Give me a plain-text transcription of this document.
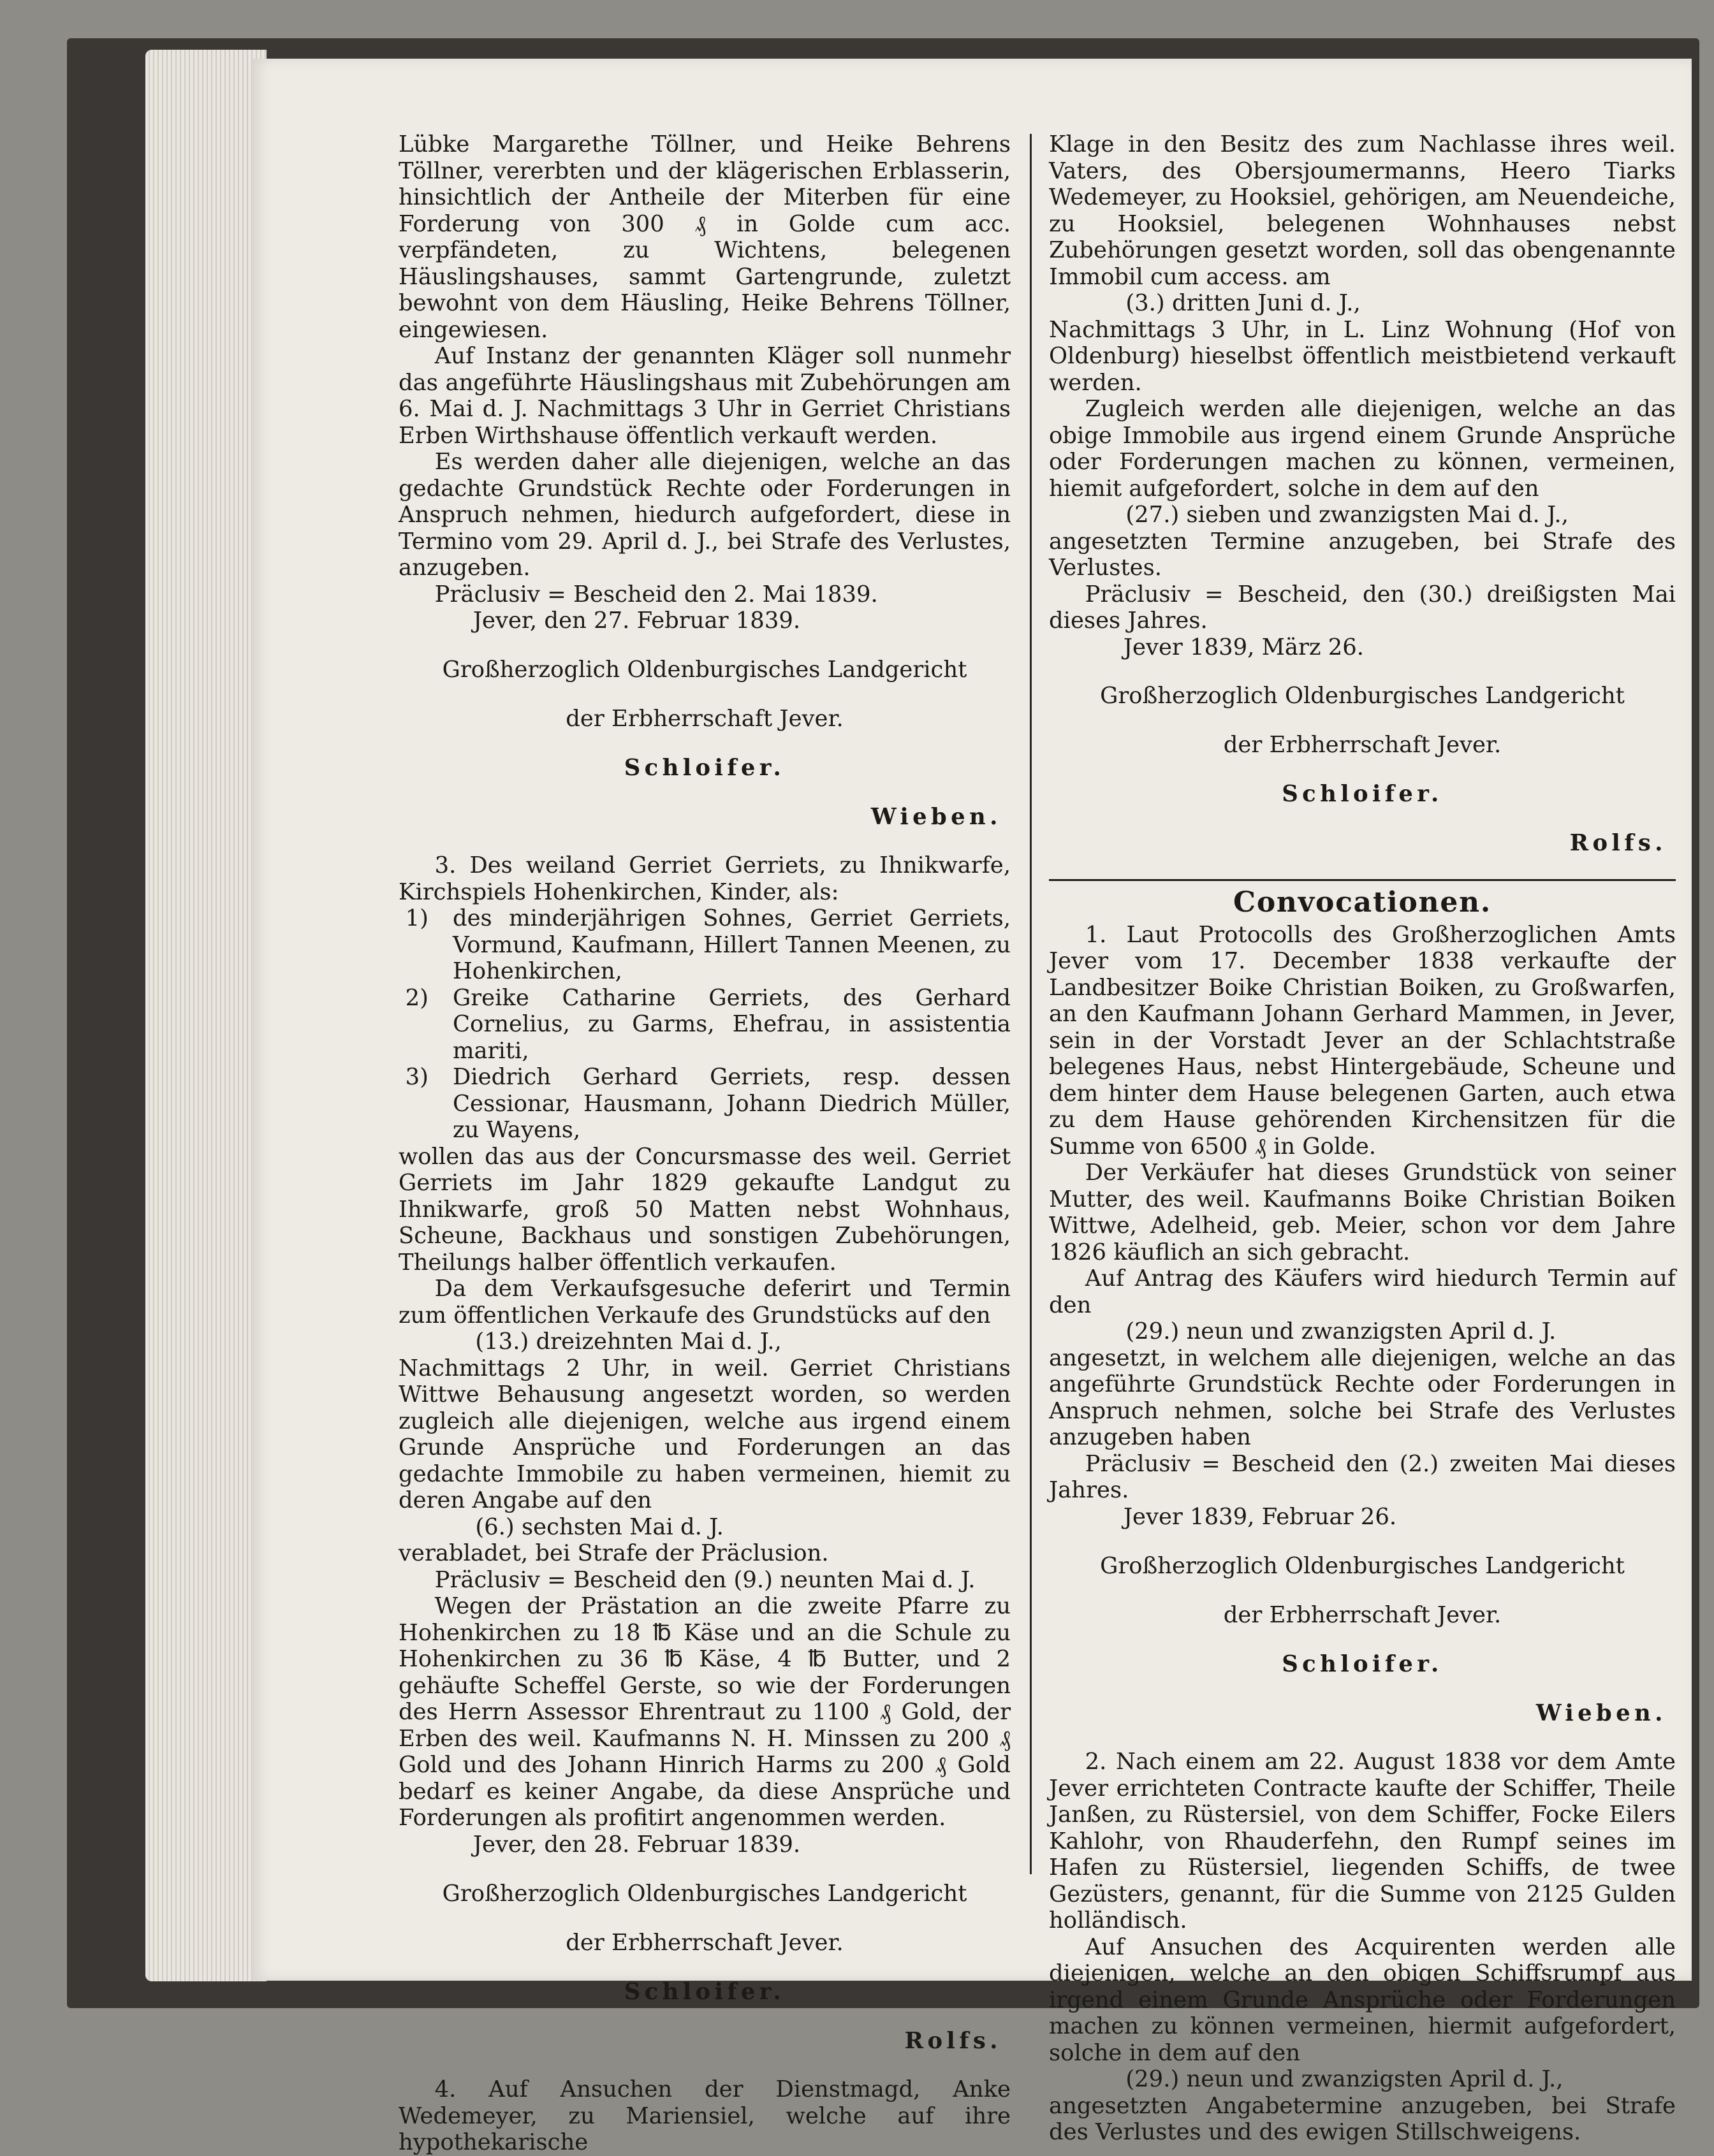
Lübke Margarethe Töllner, und Heike Behrens Töllner, vererbten und der klägerischen Erblasserin, hinsichtlich der Antheile der Miterben für eine Forderung von 300 ₰ in Golde cum acc. verpfändeten, zu Wichtens, belegenen Häuslingshauses, sammt Gartengrunde, zuletzt bewohnt von dem Häusling, Heike Behrens Töllner, eingewiesen.

Auf Instanz der genannten Kläger soll nunmehr das angeführte Häuslingshaus mit Zubehörungen am 6. Mai d. J. Nachmittags 3 Uhr in Gerriet Christians Erben Wirthshause öffentlich verkauft werden.

Es werden daher alle diejenigen, welche an das gedachte Grundstück Rechte oder Forderungen in Anspruch nehmen, hiedurch aufgefordert, diese in Termino vom 29. April d. J., bei Strafe des Verlustes, anzugeben.

Präclusiv = Bescheid den 2. Mai 1839.

Jever, den 27. Februar 1839.

Großherzoglich Oldenburgisches Landgericht

der Erbherrschaft Jever.

Schloifer.

Wieben.

3. Des weiland Gerriet Gerriets, zu Ihnikwarfe, Kirchspiels Hohenkirchen, Kinder, als:

1)	des minderjährigen Sohnes, Gerriet Gerriets, Vormund, Kaufmann, Hillert Tannen Meenen, zu Hohenkirchen,
2)	Greike Catharine Gerriets, des Gerhard Cornelius, zu Garms, Ehefrau, in assistentia mariti,
3)	Diedrich Gerhard Gerriets, resp. dessen Cessionar, Hausmann, Johann Diedrich Müller, zu Wayens,

wollen das aus der Concursmasse des weil. Gerriet Gerriets im Jahr 1829 gekaufte Landgut zu Ihnikwarfe, groß 50 Matten nebst Wohnhaus, Scheune, Backhaus und sonstigen Zubehörungen, Theilungs halber öffentlich verkaufen.

Da dem Verkaufsgesuche deferirt und Termin zum öffentlichen Verkaufe des Grundstücks auf den

(13.) dreizehnten Mai d. J.,

Nachmittags 2 Uhr, in weil. Gerriet Christians Wittwe Behausung angesetzt worden, so werden zugleich alle diejenigen, welche aus irgend einem Grunde Ansprüche und Forderungen an das gedachte Immobile zu haben vermeinen, hiemit zu deren Angabe auf den

(6.) sechsten Mai d. J.

verabladet, bei Strafe der Präclusion.

Präclusiv = Bescheid den (9.) neunten Mai d. J.

Wegen der Prästation an die zweite Pfarre zu Hohenkirchen zu 18 ℔ Käse und an die Schule zu Hohenkirchen zu 36 ℔ Käse, 4 ℔ Butter, und 2 gehäufte Scheffel Gerste, so wie der Forderungen des Herrn Assessor Ehrentraut zu 1100 ₰ Gold, der Erben des weil. Kaufmanns N. H. Minssen zu 200 ₰ Gold und des Johann Hinrich Harms zu 200 ₰ Gold bedarf es keiner Angabe, da diese Ansprüche und Forderungen als profitirt angenommen werden.

Jever, den 28. Februar 1839.

Großherzoglich Oldenburgisches Landgericht

der Erbherrschaft Jever.

Schloifer.

Rolfs.

4. Auf Ansuchen der Dienstmagd, Anke Wedemeyer, zu Mariensiel, welche auf ihre hypothekarische

Klage in den Besitz des zum Nachlasse ihres weil. Vaters, des Obersjoumermanns, Heero Tiarks Wedemeyer, zu Hooksiel, gehörigen, am Neuendeiche, zu Hooksiel, belegenen Wohnhauses nebst Zubehörungen gesetzt worden, soll das obengenannte Immobil cum access. am

(3.) dritten Juni d. J.,

Nachmittags 3 Uhr, in L. Linz Wohnung (Hof von Oldenburg) hieselbst öffentlich meistbietend verkauft werden.

Zugleich werden alle diejenigen, welche an das obige Immobile aus irgend einem Grunde Ansprüche oder Forderungen machen zu können, vermeinen, hiemit aufgefordert, solche in dem auf den

(27.) sieben und zwanzigsten Mai d. J.,

angesetzten Termine anzugeben, bei Strafe des Verlustes.

Präclusiv = Bescheid, den (30.) dreißigsten Mai dieses Jahres.

Jever 1839, März 26.

Großherzoglich Oldenburgisches Landgericht

der Erbherrschaft Jever.

Schloifer.

Rolfs.

Convocationen.

1. Laut Protocolls des Großherzoglichen Amts Jever vom 17. December 1838 verkaufte der Landbesitzer Boike Christian Boiken, zu Großwarfen, an den Kaufmann Johann Gerhard Mammen, in Jever, sein in der Vorstadt Jever an der Schlachtstraße belegenes Haus, nebst Hintergebäude, Scheune und dem hinter dem Hause belegenen Garten, auch etwa zu dem Hause gehörenden Kirchensitzen für die Summe von 6500 ₰ in Golde.

Der Verkäufer hat dieses Grundstück von seiner Mutter, des weil. Kaufmanns Boike Christian Boiken Wittwe, Adelheid, geb. Meier, schon vor dem Jahre 1826 käuflich an sich gebracht.

Auf Antrag des Käufers wird hiedurch Termin auf den

(29.) neun und zwanzigsten April d. J.

angesetzt, in welchem alle diejenigen, welche an das angeführte Grundstück Rechte oder Forderungen in Anspruch nehmen, solche bei Strafe des Verlustes anzugeben haben

Präclusiv = Bescheid den (2.) zweiten Mai dieses Jahres.

Jever 1839, Februar 26.

Großherzoglich Oldenburgisches Landgericht

der Erbherrschaft Jever.

Schloifer.

Wieben.

2. Nach einem am 22. August 1838 vor dem Amte Jever errichteten Contracte kaufte der Schiffer, Theile Janßen, zu Rüstersiel, von dem Schiffer, Focke Eilers Kahlohr, von Rhauderfehn, den Rumpf seines im Hafen zu Rüstersiel, liegenden Schiffs, de twee Gezüsters, genannt, für die Summe von 2125 Gulden holländisch.

Auf Ansuchen des Acquirenten werden alle diejenigen, welche an den obigen Schiffsrumpf aus irgend einem Grunde Ansprüche oder Forderungen machen zu können vermeinen, hiermit aufgefordert, solche in dem auf den

(29.) neun und zwanzigsten April d. J.,

angesetzten Angabetermine anzugeben, bei Strafe des Verlustes und des ewigen Stillschweigens.
